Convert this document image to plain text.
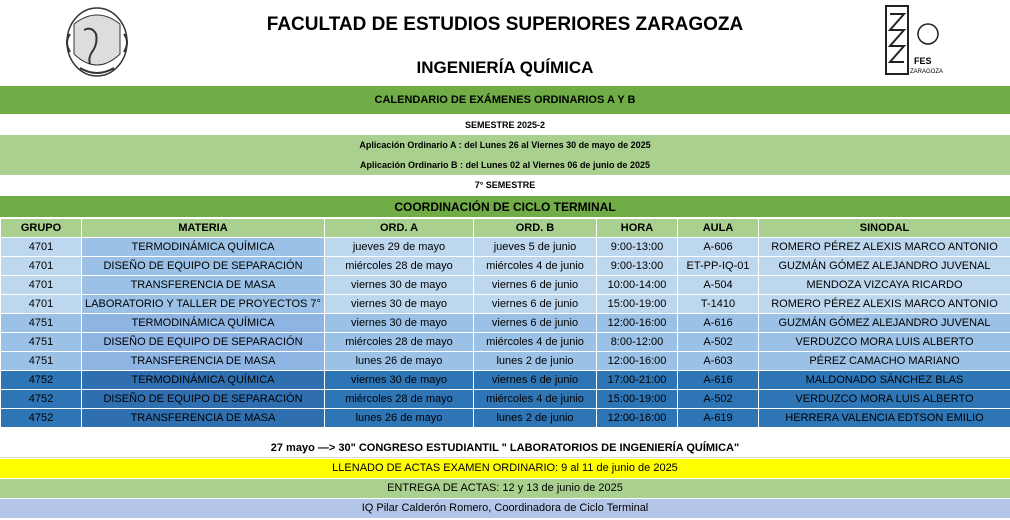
FACULTAD DE ESTUDIOS SUPERIORES ZARAGOZA
INGENIERÍA QUÍMICA	FES
ZARAGOZA
CALENDARIO DE EXÁMENES ORDINARIOS A Y B
SEMESTRE 2025-2
Aplicación Ordinario A : del Lunes 26 al Viernes 30 de mayo de 2025
Aplicación Ordinario B : del Lunes 02 al Viernes 06 de junio de 2025
7° SEMESTRE
COORDINACIÓN DE CICLO TERMINAL
GRUPO	MATERIA	ORD. A	ORD. B	HORA	AULA	SINODAL
4701	TERMODINÁMICA QUÍMICA	jueves 29 de mayo	jueves 5 de junio	9:00-13:00	A-606	ROMERO PÉREZ ALEXIS MARCO ANTONIO
4701	DISEÑO DE EQUIPO DE SEPARACIÓN	miércoles 28 de mayo	miércoles 4 de junio	9:00-13:00	ET-PP-IQ-01	GUZMÁN GÓMEZ ALEJANDRO JUVENAL
4701	TRANSFERENCIA DE MASA	viernes 30 de mayo	viernes 6 de junio	10:00-14:00	A-504	MENDOZA VIZCAYA RICARDO
4701	LABORATORIO Y TALLER DE PROYECTOS 7°	viernes 30 de mayo	viernes 6 de junio	15:00-19:00	T-1410	ROMERO PÉREZ ALEXIS MARCO ANTONIO
4751	TERMODINÁMICA QUÍMICA	viernes 30 de mayo	viernes 6 de junio	12:00-16:00	A-616	GUZMÁN GÓMEZ ALEJANDRO JUVENAL
4751	DISEÑO DE EQUIPO DE SEPARACIÓN	miércoles 28 de mayo	miércoles 4 de junio	8:00-12:00	A-502	VERDUZCO MORA LUIS ALBERTO
4751	TRANSFERENCIA DE MASA	lunes 26 de mayo	lunes 2 de junio	12:00-16:00	A-603	PÉREZ CAMACHO MARIANO
4752	TERMODINÁMICA QUÍMICA	viernes 30 de mayo	viernes 6 de junio	17:00-21:00	A-616	MALDONADO SÁNCHEZ BLAS
4752	DISEÑO DE EQUIPO DE SEPARACIÓN	miércoles 28 de mayo	miércoles 4 de junio	15:00-19:00	A-502	VERDUZCO MORA LUIS ALBERTO
4752	TRANSFERENCIA DE MASA	lunes 26 de mayo	lunes 2 de junio	12:00-16:00	A-619	HERRERA VALENCIA EDTSON EMILIO
27 mayo —> 30" CONGRESO ESTUDIANTIL " LABORATORIOS DE INGENIERÍA QUÍMICA"
LLENADO DE ACTAS EXAMEN ORDINARIO: 9 al 11 de junio de 2025
ENTREGA DE ACTAS: 12 y 13 de junio de 2025
IQ Pilar Calderón Romero, Coordinadora de Ciclo Terminal
